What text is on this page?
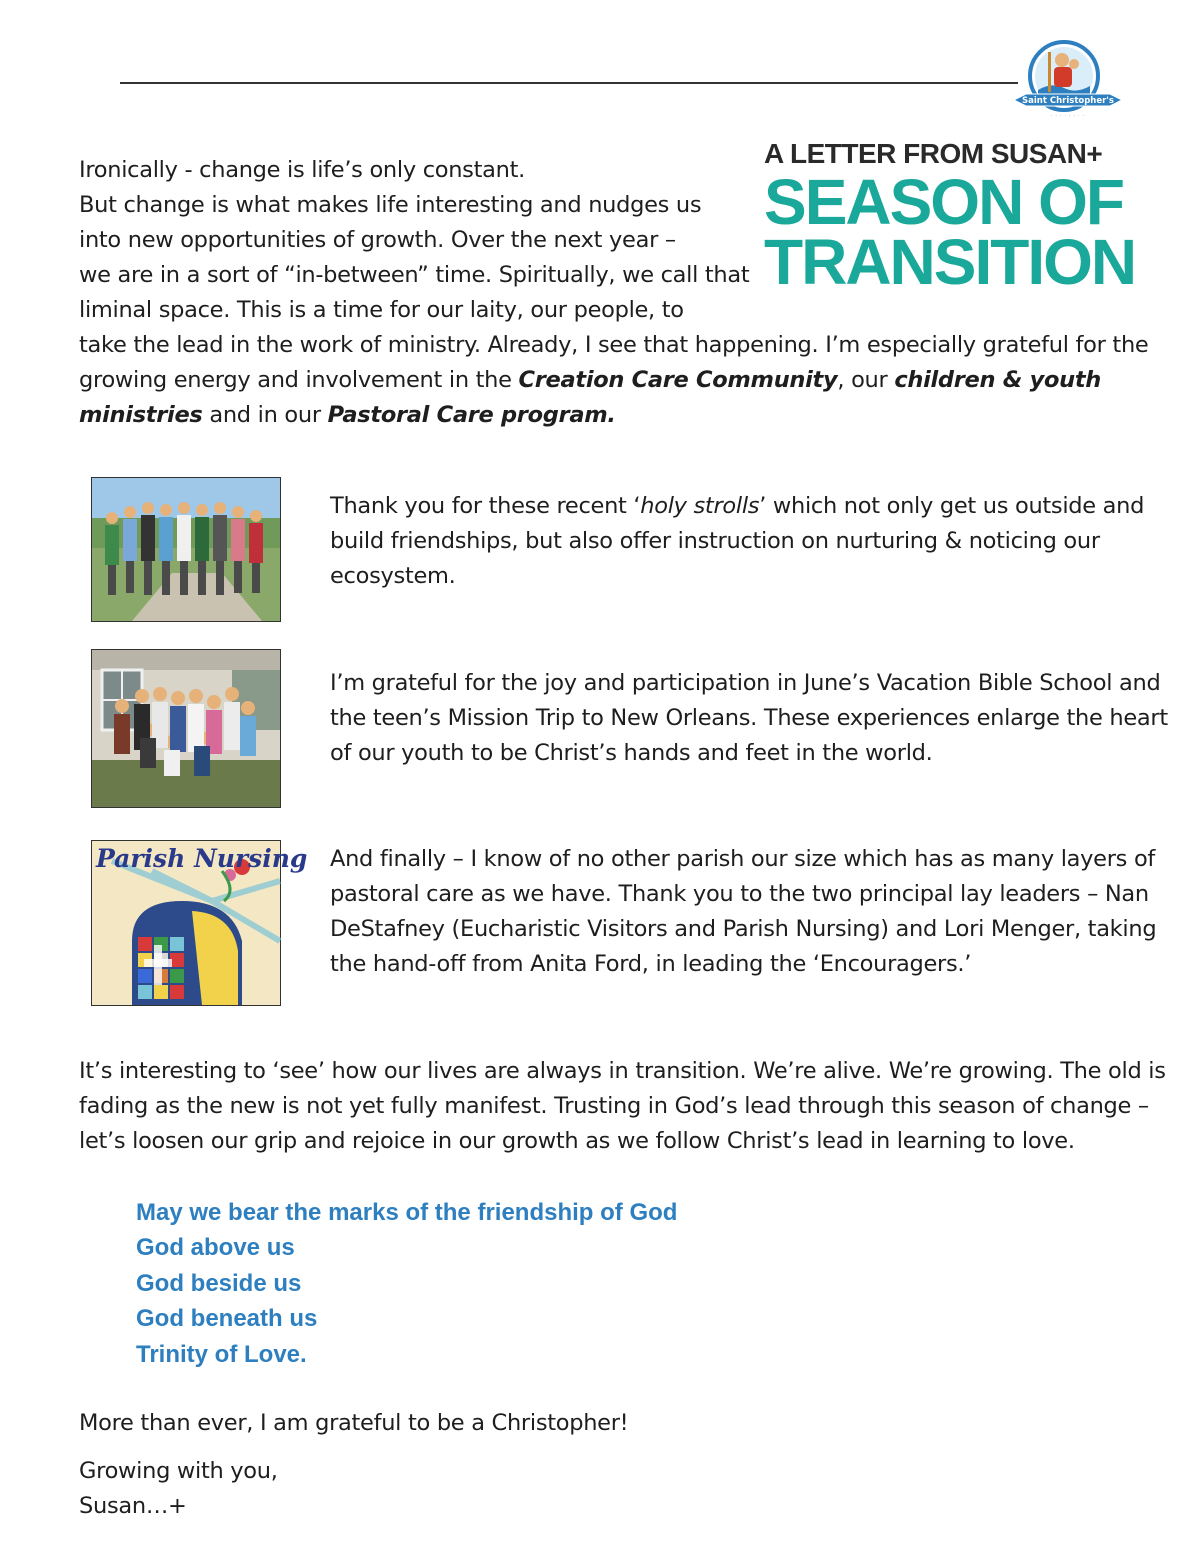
Saint Christopher's
· · · · · · · ·
A LETTER FROM SUSAN+
SEASON OF
TRANSITION
Ironically - change is life’s only constant.
But change is what makes life interesting and nudges us
into new opportunities of growth. Over the next year –
we are in a sort of “in-between” time. Spiritually, we call that
liminal space. This is a time for our laity, our people, to
take the lead in the work of ministry. Already, I see that happening. I’m especially grateful for the
growing energy and involvement in the Creation Care Community, our children & youth
ministries and in our Pastoral Care program.
Thank you for these recent ‘holy strolls’ which not only get us outside and
build friendships, but also offer instruction on nurturing & noticing our
ecosystem.
I’m grateful for the joy and participation in June’s Vacation Bible School and
the teen’s Mission Trip to New Orleans. These experiences enlarge the heart
of our youth to be Christ’s hands and feet in the world.
Parish Nursing And finally – I know of no other parish our size which has as many layers of
pastoral care as we have. Thank you to the two principal lay leaders – Nan
DeStafney (Eucharistic Visitors and Parish Nursing) and Lori Menger, taking
the hand-off from Anita Ford, in leading the ‘Encouragers.’
It’s interesting to ‘see’ how our lives are always in transition. We’re alive. We’re growing. The old is
fading as the new is not yet fully manifest. Trusting in God’s lead through this season of change –
let’s loosen our grip and rejoice in our growth as we follow Christ’s lead in learning to love.
May we bear the marks of the friendship of God
God above us
God beside us
God beneath us
Trinity of Love.
More than ever, I am grateful to be a Christopher!
Growing with you,
Susan…+
